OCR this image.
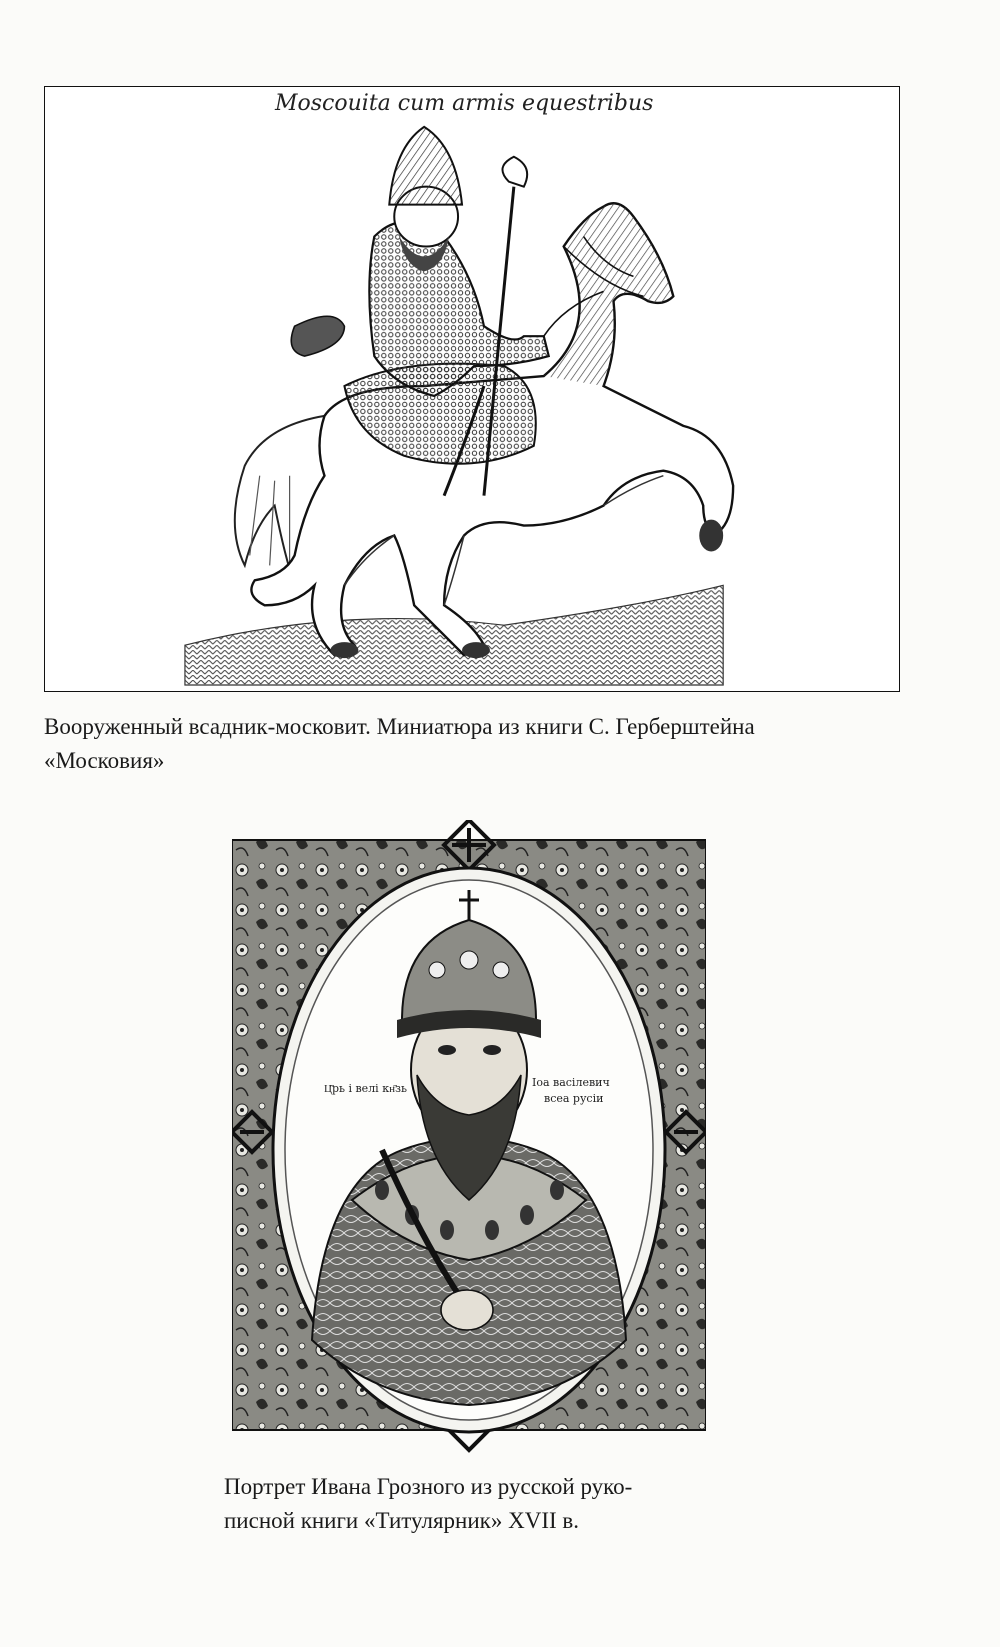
Moscouita cum armis equestribus
Вооруженный всадник-московит. Миниатюра из книги С. Герберштейна
«Московия»
Ц҃рь і велі кн҃зь	Іоа васілевич
всеа русіи
Портрет Ивана Грозного из русской руко-
писной книги «Титулярник» XVII в.
